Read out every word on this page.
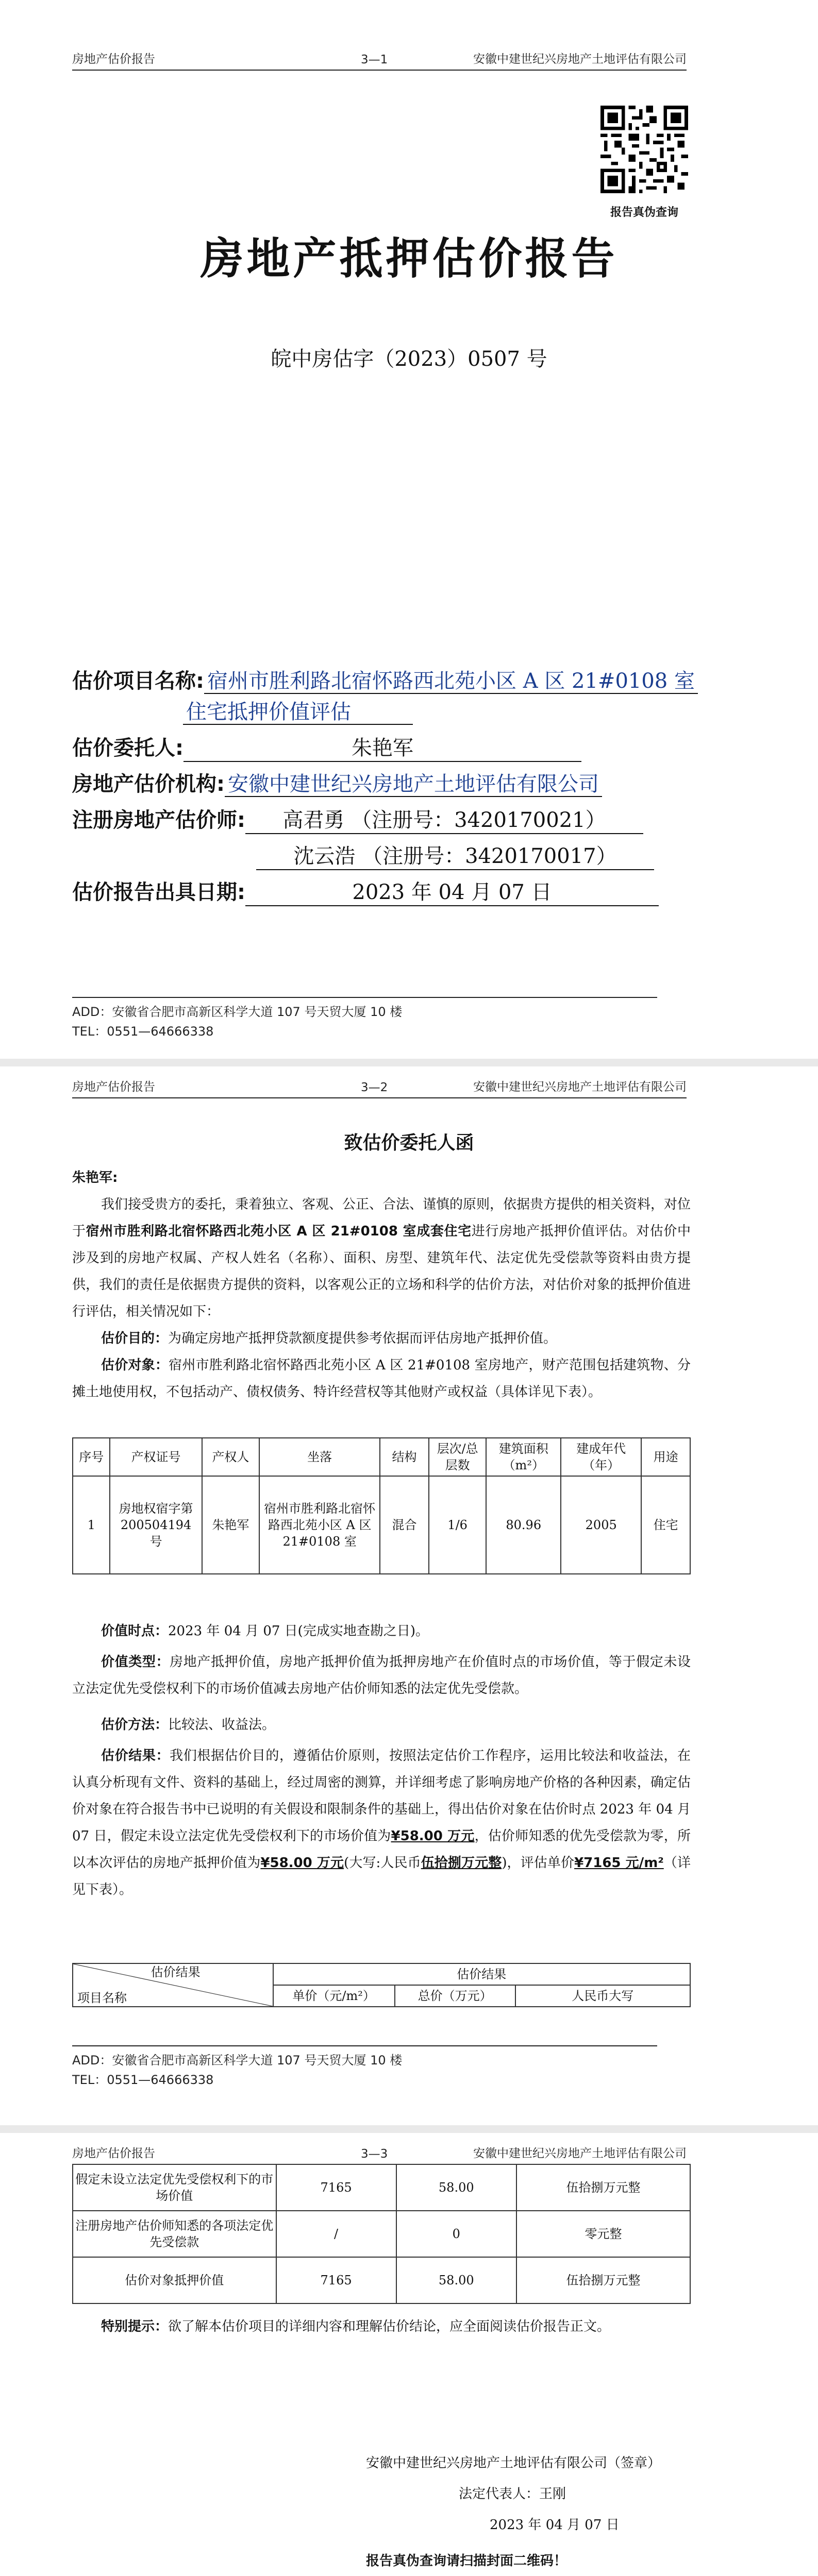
房地产估价报告	3—1	安徽中建世纪兴房地产土地评估有限公司
报告真伪查询
房地产抵押估价报告
皖中房估字（2023）0507 号
估价项目名称: 宿州市胜利路北宿怀路西北苑小区 A 区 21#0108 室
住宅抵押价值评估
估价委托人:	朱艳军
房地产估价机构: 安徽中建世纪兴房地产土地评估有限公司
注册房地产估价师: 高君勇 （注册号：3420170021）
沈云浩 （注册号：3420170017）
估价报告出具日期:	2023 年 04 月 07 日
ADD：安徽省合肥市高新区科学大道 107 号天贸大厦 10 楼
TEL：0551—64666338
房地产估价报告	3—2	安徽中建世纪兴房地产土地评估有限公司
致估价委托人函
朱艳军:
我们接受贵方的委托，秉着独立、客观、公正、合法、谨慎的原则，依据贵方提供的相关资料，对位于宿州市胜利路北宿怀路西北苑小区 A 区 21#0108 室成套住宅进行房地产抵押价值评估。对估价中涉及到的房地产权属、产权人姓名（名称）、面积、房型、建筑年代、法定优先受偿款等资料由贵方提供，我们的责任是依据贵方提供的资料，以客观公正的立场和科学的估价方法，对估价对象的抵押价值进行评估，相关情况如下：
估价目的：为确定房地产抵押贷款额度提供参考依据而评估房地产抵押价值。
估价对象：宿州市胜利路北宿怀路西北苑小区 A 区 21#0108 室房地产，财产范围包括建筑物、分摊土地使用权，不包括动产、债权债务、特许经营权等其他财产或权益（具体详见下表）。
序号	产权证号	产权人	坐落	结构	层次/总层数	建筑面积（m²）	建成年代（年）	用途
1	房地权宿字第 200504194 号	朱艳军	宿州市胜利路北宿怀路西北苑小区 A 区 21#0108 室	混合	1/6	80.96	2005	住宅
价值时点：2023 年 04 月 07 日(完成实地查勘之日)。
价值类型：房地产抵押价值，房地产抵押价值为抵押房地产在价值时点的市场价值，等于假定未设立法定优先受偿权利下的市场价值减去房地产估价师知悉的法定优先受偿款。
估价方法：比较法、收益法。
估价结果：我们根据估价目的，遵循估价原则，按照法定估价工作程序，运用比较法和收益法，在认真分析现有文件、资料的基础上，经过周密的测算，并详细考虑了影响房地产价格的各种因素，确定估价对象在符合报告书中已说明的有关假设和限制条件的基础上，得出估价对象在估价时点 2023 年 04 月 07 日，假定未设立法定优先受偿权利下的市场价值为¥58.00 万元，估价师知悉的优先受偿款为零，所以本次评估的房地产抵押价值为¥58.00 万元(大写:人民币伍拾捌万元整)，评估单价¥7165 元/m²（详见下表）。
估价结果
项目名称	估价结果		
	单价（元/m²）	总价（万元）	人民币大写
ADD：安徽省合肥市高新区科学大道 107 号天贸大厦 10 楼
TEL：0551—64666338
房地产估价报告	3—3	安徽中建世纪兴房地产土地评估有限公司
假定未设立法定优先受偿权利下的市场价值	7165	58.00	伍拾捌万元整
注册房地产估价师知悉的各项法定优先受偿款	/	0	零元整
估价对象抵押价值	7165	58.00	伍拾捌万元整
特别提示：欲了解本估价项目的详细内容和理解估价结论，应全面阅读估价报告正文。
安徽中建世纪兴房地产土地评估有限公司（签章）
法定代表人：王刚
2023 年 04 月 07 日
报告真伪查询请扫描封面二维码！
